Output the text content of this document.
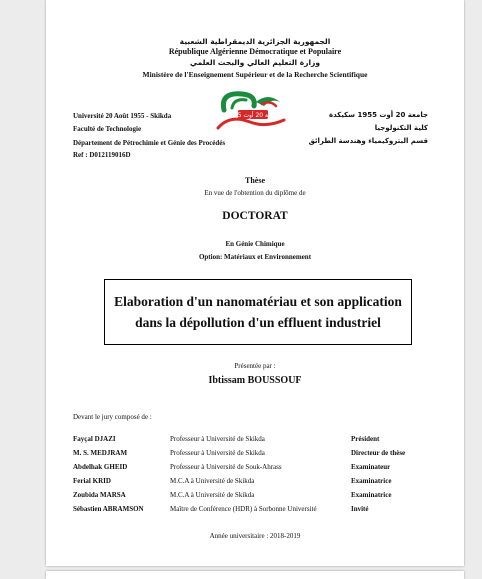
الجمهورية الجزائرية الديمقراطية الشعبية
République Algérienne Démocratique et Populaire
وزارة التعليم العالي والبحث العلمي
Ministère de l'Enseignement Supérieur et de la Recherche Scientifique
Université 20 Août 1955 - Skikda
Faculté de Technologie
Département de Pétrochimie et Génie des Procédés
Ref : D012119016D
جامعة 20 أوت 1955 سكيكدة
كلية التكنولوجيا
قسم البتروكيمياء وهندسة الطرائق
جامعة 20 أوت 1955
Thèse
En vue de l'obtention du diplôme de
DOCTORAT
En Génie Chimique
Option: Matériaux et Environnement
Elaboration d'un nanomatériau et son application
dans la dépollution d'un effluent industriel
Présentée par :
Ibtissam BOUSSOUF
Devant le jury composé de :
Fayçal DJAZI	Professeur à Université de Skikda	Président
M. S. MEDJRAM	Professeur à Université de Skikda	Directeur de thèse
Abdelhak GHEID	Professeur à Université de Souk-Ahrass	Examinateur
Ferial KRID	M.C.A à Université de Skikda	Examinatrice
Zoubida MARSA	M.C.A à Université de Skikda	Examinatrice
Sébastien ABRAMSON	Maître de Conférence (HDR) à Sorbonne Université	Invité
Année universitaire : 2018-2019
